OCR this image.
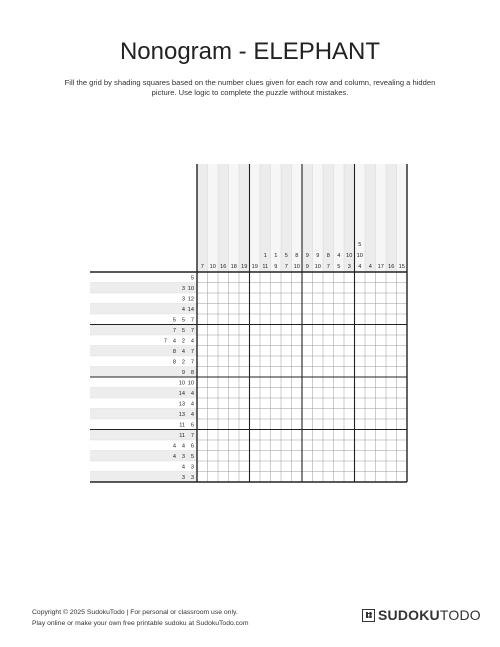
Nonogram - ELEPHANT

Fill the grid by shading squares based on the number clues given for each row and column, revealing a hidden picture. Use logic to complete the puzzle without mistakes.

7 10 16 18 19 19
1
11
1
9
5
7
8
10
9
9
9
10
8
7
4
5
10
3
5
10
4 4 17 16 15
5
3 10
3 12
4 14
5 5 7
7 5 7
7 4 2 4
8 4 7
8 2 7
9 8
10 10
14 4
13 4
13 4
11 6
11 7
4 4 6
4 3 5
4 3
3 3
Copyright © 2025 SudokuTodo | For personal or classroom use only.
Play online or make your own free printable sudoku at SudokuTodo.com
SUDOKUTODO
